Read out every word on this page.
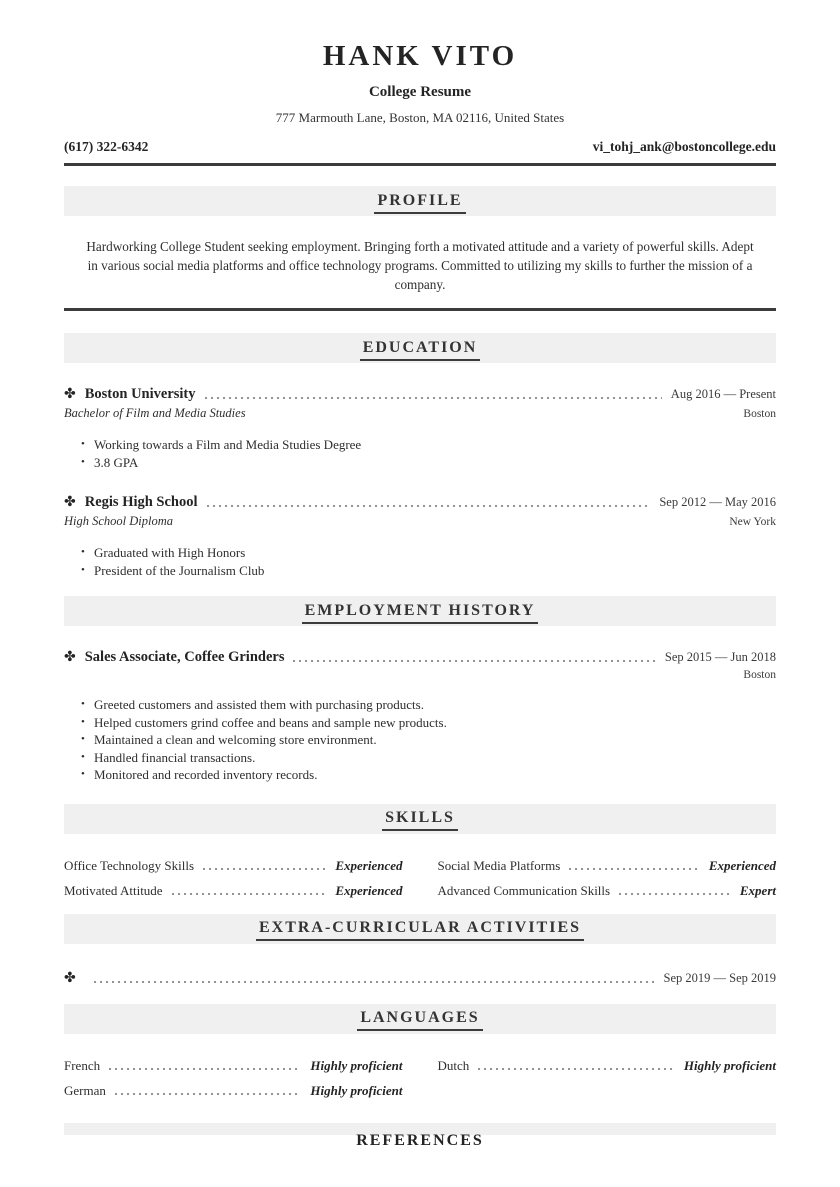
HANK VITO
College Resume
777 Marmouth Lane, Boston, MA 02116, United States
(617) 322-6342	vi_tohj_ank@bostoncollege.edu
PROFILE

Hardworking College Student seeking employment. Bringing forth a motivated attitude and a variety of powerful skills. Adept in various social media platforms and office technology programs. Committed to utilizing my skills to further the mission of a company.

EDUCATION
✤ Boston University	Aug 2016 — Present
Bachelor of Film and Media Studies	Boston
• Working towards a Film and Media Studies Degree
• 3.8 GPA
✤ Regis High School	Sep 2012 — May 2016
High School Diploma	New York
• Graduated with High Honors
• President of the Journalism Club
EMPLOYMENT HISTORY
✤ Sales Associate, Coffee Grinders	Sep 2015 — Jun 2018
Boston
• Greeted customers and assisted them with purchasing products.
• Helped customers grind coffee and beans and sample new products.
• Maintained a clean and welcoming store environment.
• Handled financial transactions.
• Monitored and recorded inventory records.
SKILLS
Office Technology Skills	Experienced	Social Media Platforms	Experienced
Motivated Attitude	Experienced	Advanced Communication Skills	Expert
EXTRA-CURRICULAR ACTIVITIES
✤	Sep 2019 — Sep 2019
LANGUAGES
French	Highly proficient	Dutch	Highly proficient
German	Highly proficient
REFERENCES
